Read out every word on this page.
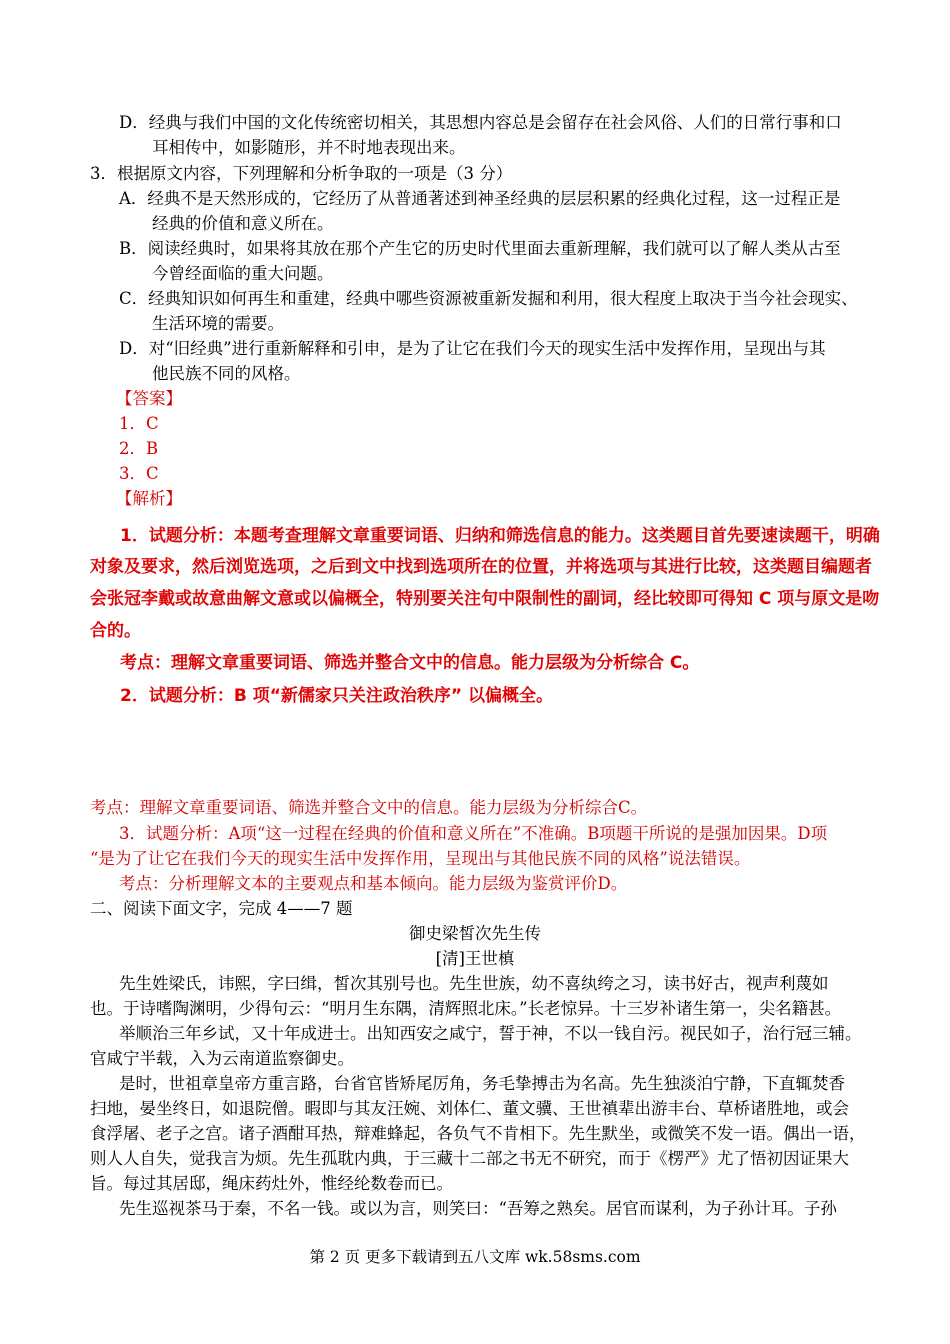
D．经典与我们中国的文化传统密切相关，其思想内容总是会留存在社会风俗、人们的日常行事和口
耳相传中，如影随形，并不时地表现出来。
3．根据原文内容，下列理解和分析争取的一项是（3 分）
A．经典不是天然形成的，它经历了从普通著述到神圣经典的层层积累的经典化过程，这一过程正是
经典的价值和意义所在。
B．阅读经典时，如果将其放在那个产生它的历史时代里面去重新理解，我们就可以了解人类从古至
今曾经面临的重大问题。
C．经典知识如何再生和重建，经典中哪些资源被重新发掘和利用，很大程度上取决于当今社会现实、
生活环境的需要。
D．对“旧经典”进行重新解释和引申，是为了让它在我们今天的现实生活中发挥作用，呈现出与其
他民族不同的风格。
【答案】
1．C
2．B
3．C
【解析】
1．试题分析：本题考查理解文章重要词语、归纳和筛选信息的能力。这类题目首先要速读题干，明确
对象及要求，然后浏览选项，之后到文中找到选项所在的位置，并将选项与其进行比较，这类题目编题者
会张冠李戴或故意曲解文意或以偏概全，特别要关注句中限制性的副词，经比较即可得知 C 项与原文是吻
合的。
考点：理解文章重要词语、筛选并整合文中的信息。能力层级为分析综合 C。
2．试题分析：B 项“新儒家只关注政治秩序” 以偏概全。
考点：理解文章重要词语、筛选并整合文中的信息。能力层级为分析综合C。
3．试题分析：A项“这一过程在经典的价值和意义所在”不准确。B项题干所说的是强加因果。D项
“是为了让它在我们今天的现实生活中发挥作用，呈现出与其他民族不同的风格”说法错误。
考点：分析理解文本的主要观点和基本倾向。能力层级为鉴赏评价D。
二、阅读下面文字，完成 4——7 题
御史梁皙次先生传
[清]王世槙
先生姓梁氏，讳熙，字曰缉，皙次其别号也。先生世族，幼不喜纨绔之习，读书好古，视声利蔑如
也。于诗嗜陶渊明，少得句云：“明月生东隅，清辉照北床。”长老惊异。十三岁补诸生第一，尖名籍甚。
举顺治三年乡试，又十年成进士。出知西安之咸宁，誓于神，不以一钱自污。视民如子，治行冠三辅。
官咸宁半载，入为云南道监察御史。
是时，世祖章皇帝方重言路，台省官皆矫尾厉角，务毛挚搏击为名高。先生独淡泊宁静，下直辄焚香
扫地，晏坐终日，如退院僧。暇即与其友汪婉、刘体仁、董文骥、王世禛辈出游丰台、草桥诸胜地，或会
食浮屠、老子之宫。诸子酒酣耳热，辩难蜂起，各负气不肯相下。先生默坐，或微笑不发一语。偶出一语，
则人人自失，觉我言为烦。先生孤耽内典，于三藏十二部之书无不研究，而于《楞严》尤了悟初因证果大
旨。每过其居邸，绳床药灶外，惟经纶数卷而已。
先生巡视茶马于秦，不名一钱。或以为言，则笑曰：“吾筹之熟矣。居官而谋利，为子孙计耳。子孙
第 2 页 更多下载请到五八文库 wk.58sms.com
